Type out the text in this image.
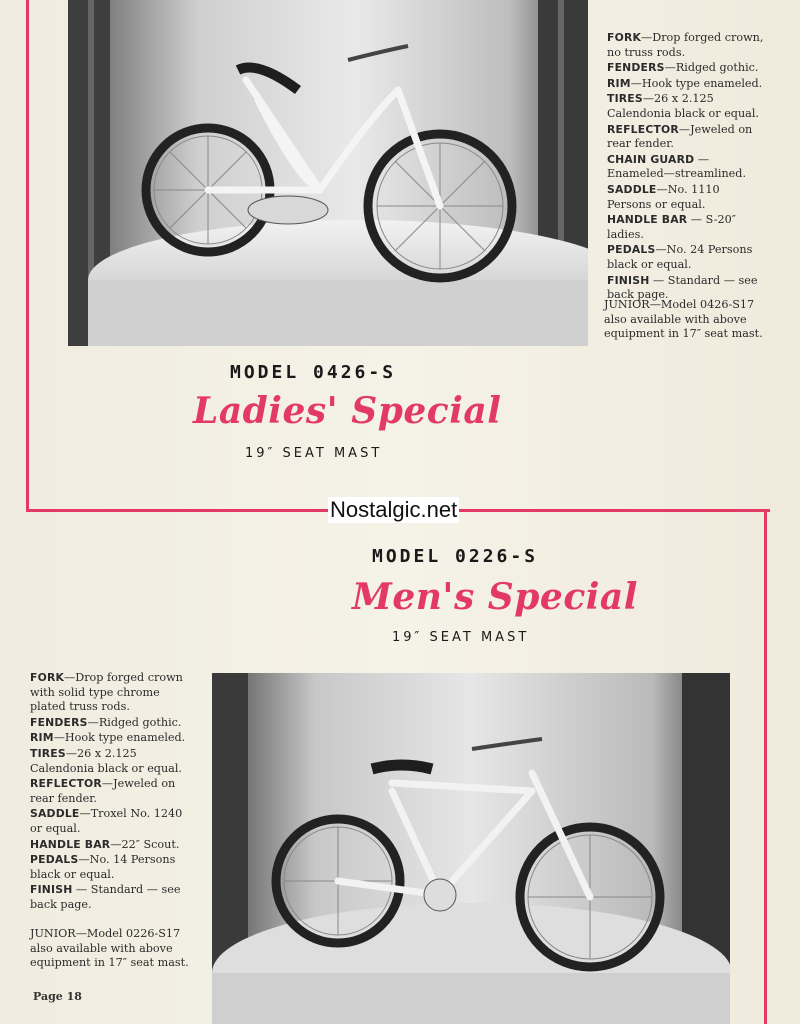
FORK—Drop forged crown, no truss rods.
FENDERS—Ridged gothic.
RIM—Hook type enameled.
TIRES—26 x 2.125 Calendonia black or equal.
REFLECTOR—Jeweled on rear fender.
CHAIN GUARD — Enameled—streamlined.
SADDLE—No. 1110 Persons or equal.
HANDLE BAR — S-20″ ladies.
PEDALS—No. 24 Persons black or equal.
FINISH — Standard — see back page.
JUNIOR—Model 0426-S17 also available with above equipment in 17″ seat mast.
MODEL 0426-S
Ladies' Special
19″ SEAT MAST
Nostalgic.net
MODEL 0226-S
Men's Special
19″ SEAT MAST
FORK—Drop forged crown with solid type chrome plated truss rods.
FENDERS—Ridged gothic.
RIM—Hook type enameled.
TIRES—26 x 2.125 Calendonia black or equal.
REFLECTOR—Jeweled on rear fender.
SADDLE—Troxel No. 1240 or equal.
HANDLE BAR—22″ Scout.
PEDALS—No. 14 Persons black or equal.
FINISH — Standard — see back page.
JUNIOR—Model 0226-S17 also available with above equipment in 17″ seat mast.
Page 18
